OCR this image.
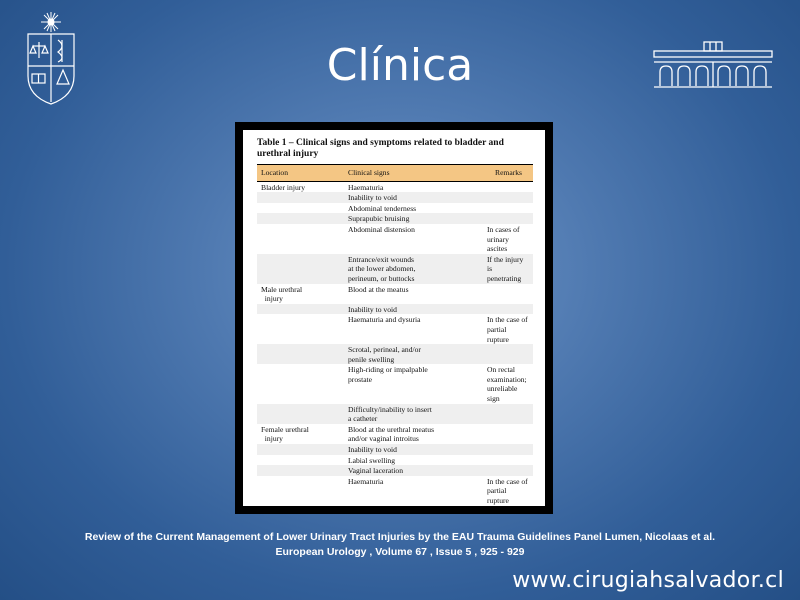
Clínica
Table 1 – Clinical signs and symptoms related to bladder and
urethral injury
Location	Clinical signs	Remarks
Bladder injury	Haematuria	
	Inability to void	
	Abdominal tenderness	
	Suprapubic bruising	
	Abdominal distension	In cases of
urinary ascites
	Entrance/exit wounds
at the lower abdomen,
perineum, or buttocks	If the injury is
penetrating
Male urethral
injury	Blood at the meatus	
	Inability to void	
	Haematuria and dysuria	In the case of
partial rupture
	Scrotal, perineal, and/or
penile swelling	
	High-riding or impalpable
prostate	On rectal
examination;
unreliable sign
	Difficulty/inability to insert
a catheter	
Female urethral
injury	Blood at the urethral meatus
and/or vaginal introitus	
	Inability to void	
	Labial swelling	
	Vaginal laceration	
	Haematuria	In the case of
partial rupture
Review of the Current Management of Lower Urinary Tract Injuries by the EAU Trauma Guidelines Panel Lumen, Nicolaas et al.
European Urology , Volume 67 , Issue 5 , 925 - 929
www.cirugiahsalvador.cl
